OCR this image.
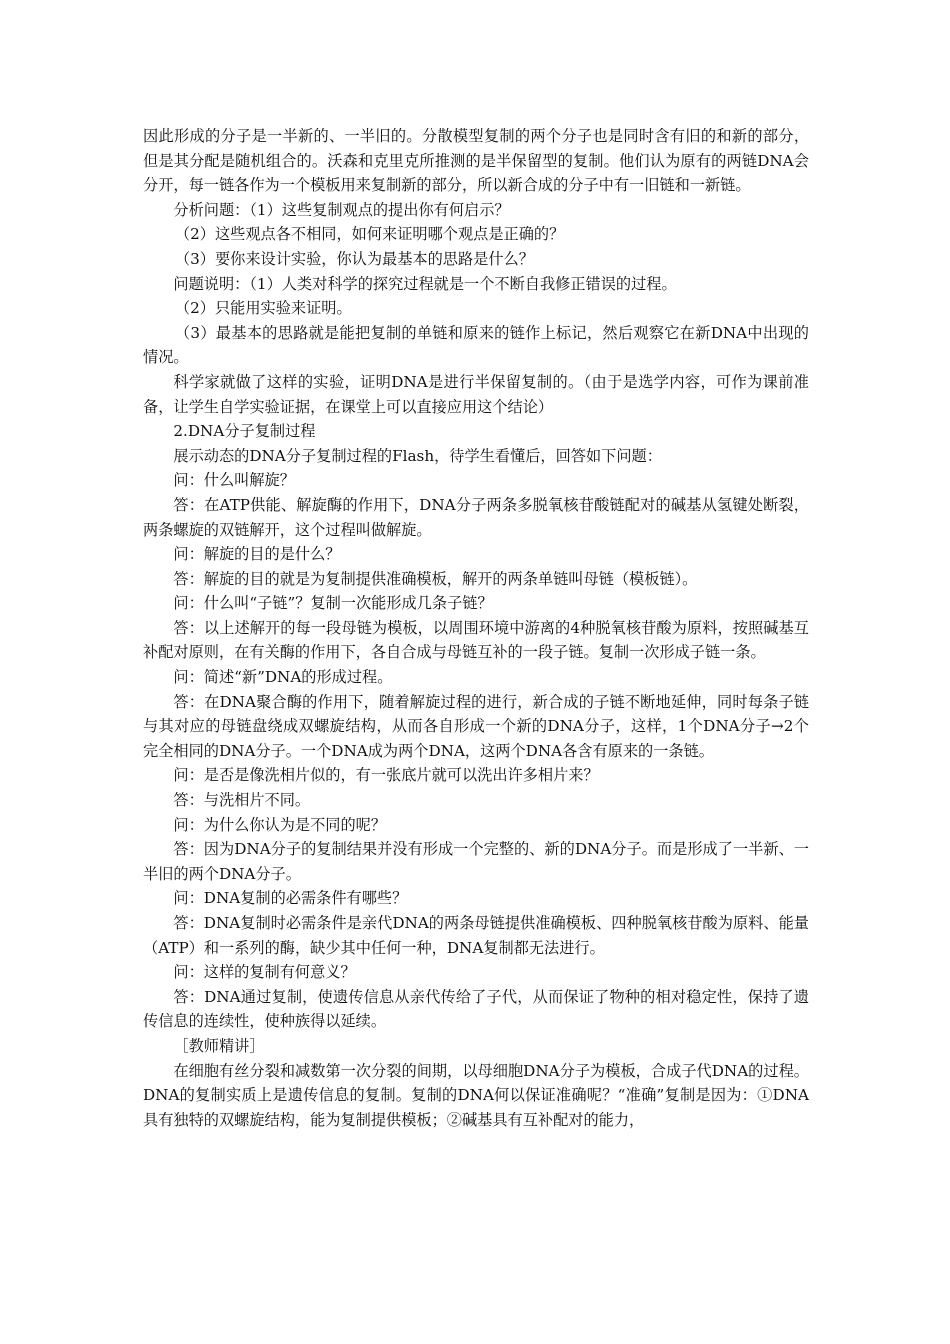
因此形成的分子是一半新的、一半旧的。分散模型复制的两个分子也是同时含有旧的和新的部分，但是其分配是随机组合的。沃森和克里克所推测的是半保留型的复制。他们认为原有的两链DNA会分开，每一链各作为一个模板用来复制新的部分，所以新合成的分子中有一旧链和一新链。

分析问题：（1）这些复制观点的提出你有何启示？

（2）这些观点各不相同，如何来证明哪个观点是正确的？

（3）要你来设计实验，你认为最基本的思路是什么？

问题说明：（1）人类对科学的探究过程就是一个不断自我修正错误的过程。

（2）只能用实验来证明。

（3）最基本的思路就是能把复制的单链和原来的链作上标记，然后观察它在新DNA中出现的情况。

科学家就做了这样的实验，证明DNA是进行半保留复制的。（由于是选学内容，可作为课前准备，让学生自学实验证据，在课堂上可以直接应用这个结论）

2.DNA分子复制过程

展示动态的DNA分子复制过程的Flash，待学生看懂后，回答如下问题：

问：什么叫解旋？

答：在ATP供能、解旋酶的作用下，DNA分子两条多脱氧核苷酸链配对的碱基从氢键处断裂，两条螺旋的双链解开，这个过程叫做解旋。

问：解旋的目的是什么？

答：解旋的目的就是为复制提供准确模板，解开的两条单链叫母链（模板链）。

问：什么叫“子链”？复制一次能形成几条子链？

答：以上述解开的每一段母链为模板，以周围环境中游离的4种脱氧核苷酸为原料，按照碱基互补配对原则，在有关酶的作用下，各自合成与母链互补的一段子链。复制一次形成子链一条。

问：简述“新”DNA的形成过程。

答：在DNA聚合酶的作用下，随着解旋过程的进行，新合成的子链不断地延伸，同时每条子链与其对应的母链盘绕成双螺旋结构，从而各自形成一个新的DNA分子，这样，1个DNA分子→2个完全相同的DNA分子。一个DNA成为两个DNA，这两个DNA各含有原来的一条链。

问：是否是像洗相片似的，有一张底片就可以洗出许多相片来？

答：与洗相片不同。

问：为什么你认为是不同的呢？

答：因为DNA分子的复制结果并没有形成一个完整的、新的DNA分子。而是形成了一半新、一半旧的两个DNA分子。

问：DNA复制的必需条件有哪些？

答：DNA复制时必需条件是亲代DNA的两条母链提供准确模板、四种脱氧核苷酸为原料、能量（ATP）和一系列的酶，缺少其中任何一种，DNA复制都无法进行。

问：这样的复制有何意义？

答：DNA通过复制，使遗传信息从亲代传给了子代，从而保证了物种的相对稳定性，保持了遗传信息的连续性，使种族得以延续。

［教师精讲］

在细胞有丝分裂和减数第一次分裂的间期，以母细胞DNA分子为模板，合成子代DNA的过程。DNA的复制实质上是遗传信息的复制。复制的DNA何以保证准确呢？“准确”复制是因为：①DNA具有独特的双螺旋结构，能为复制提供模板；②碱基具有互补配对的能力，
